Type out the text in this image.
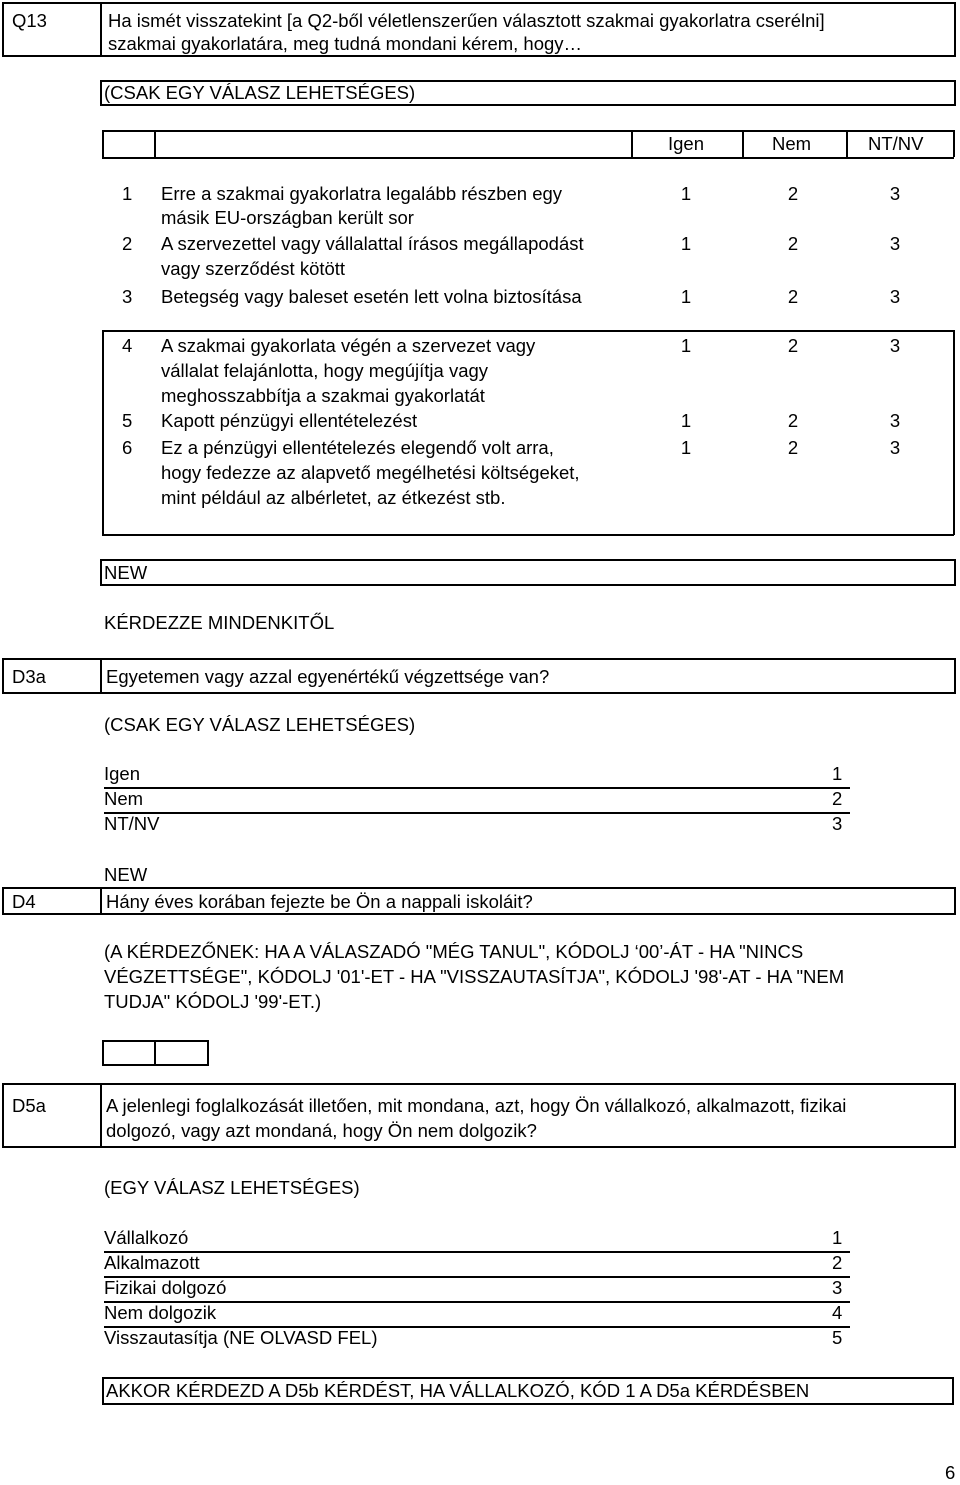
Q13	Ha ismét visszatekint [a Q2-ből véletlenszerűen választott szakmai gyakorlatra cserélni]
szakmai gyakorlatára, meg tudná mondani kérem, hogy…
(CSAK EGY VÁLASZ LEHETSÉGES)
Igen	Nem	NT/NV
1 Erre a szakmai gyakorlatra legalább részben egy
másik EU-országban került sor
1	2	3
2 A szervezettel vagy vállalattal írásos megállapodást
vagy szerződést kötött
1	2	3
3 Betegség vagy baleset esetén lett volna biztosítása	1	2	3
4 A szakmai gyakorlata végén a szervezet vagy
vállalat felajánlotta, hogy megújítja vagy
meghosszabbítja a szakmai gyakorlatát
1	2	3
5 Kapott pénzügyi ellentételezést	1	2	3
6 Ez a pénzügyi ellentételezés elegendő volt arra,
hogy fedezze az alapvető megélhetési költségeket,
mint például az albérletet, az étkezést stb.
1	2	3
NEW
KÉRDEZZE MINDENKITŐL
D3a	Egyetemen vagy azzal egyenértékű végzettsége van?
(CSAK EGY VÁLASZ LEHETSÉGES)
Igen	1
Nem	2
NT/NV	3
NEW
D4	Hány éves korában fejezte be Ön a nappali iskoláit?
(A KÉRDEZŐNEK: HA A VÁLASZADÓ "MÉG TANUL", KÓDOLJ ‘00’-ÁT - HA "NINCS
VÉGZETTSÉGE", KÓDOLJ '01'-ET - HA "VISSZAUTASÍTJA", KÓDOLJ '98'-AT - HA "NEM
TUDJA" KÓDOLJ '99'-ET.)
D5a	A jelenlegi foglalkozását illetően, mit mondana, azt, hogy Ön vállalkozó, alkalmazott, fizikai
dolgozó, vagy azt mondaná, hogy Ön nem dolgozik?
(EGY VÁLASZ LEHETSÉGES)
Vállalkozó	1
Alkalmazott	2
Fizikai dolgozó	3
Nem dolgozik	4
Visszautasítja (NE OLVASD FEL)	5
AKKOR KÉRDEZD A D5b KÉRDÉST, HA VÁLLALKOZÓ, KÓD 1 A D5a KÉRDÉSBEN
6
